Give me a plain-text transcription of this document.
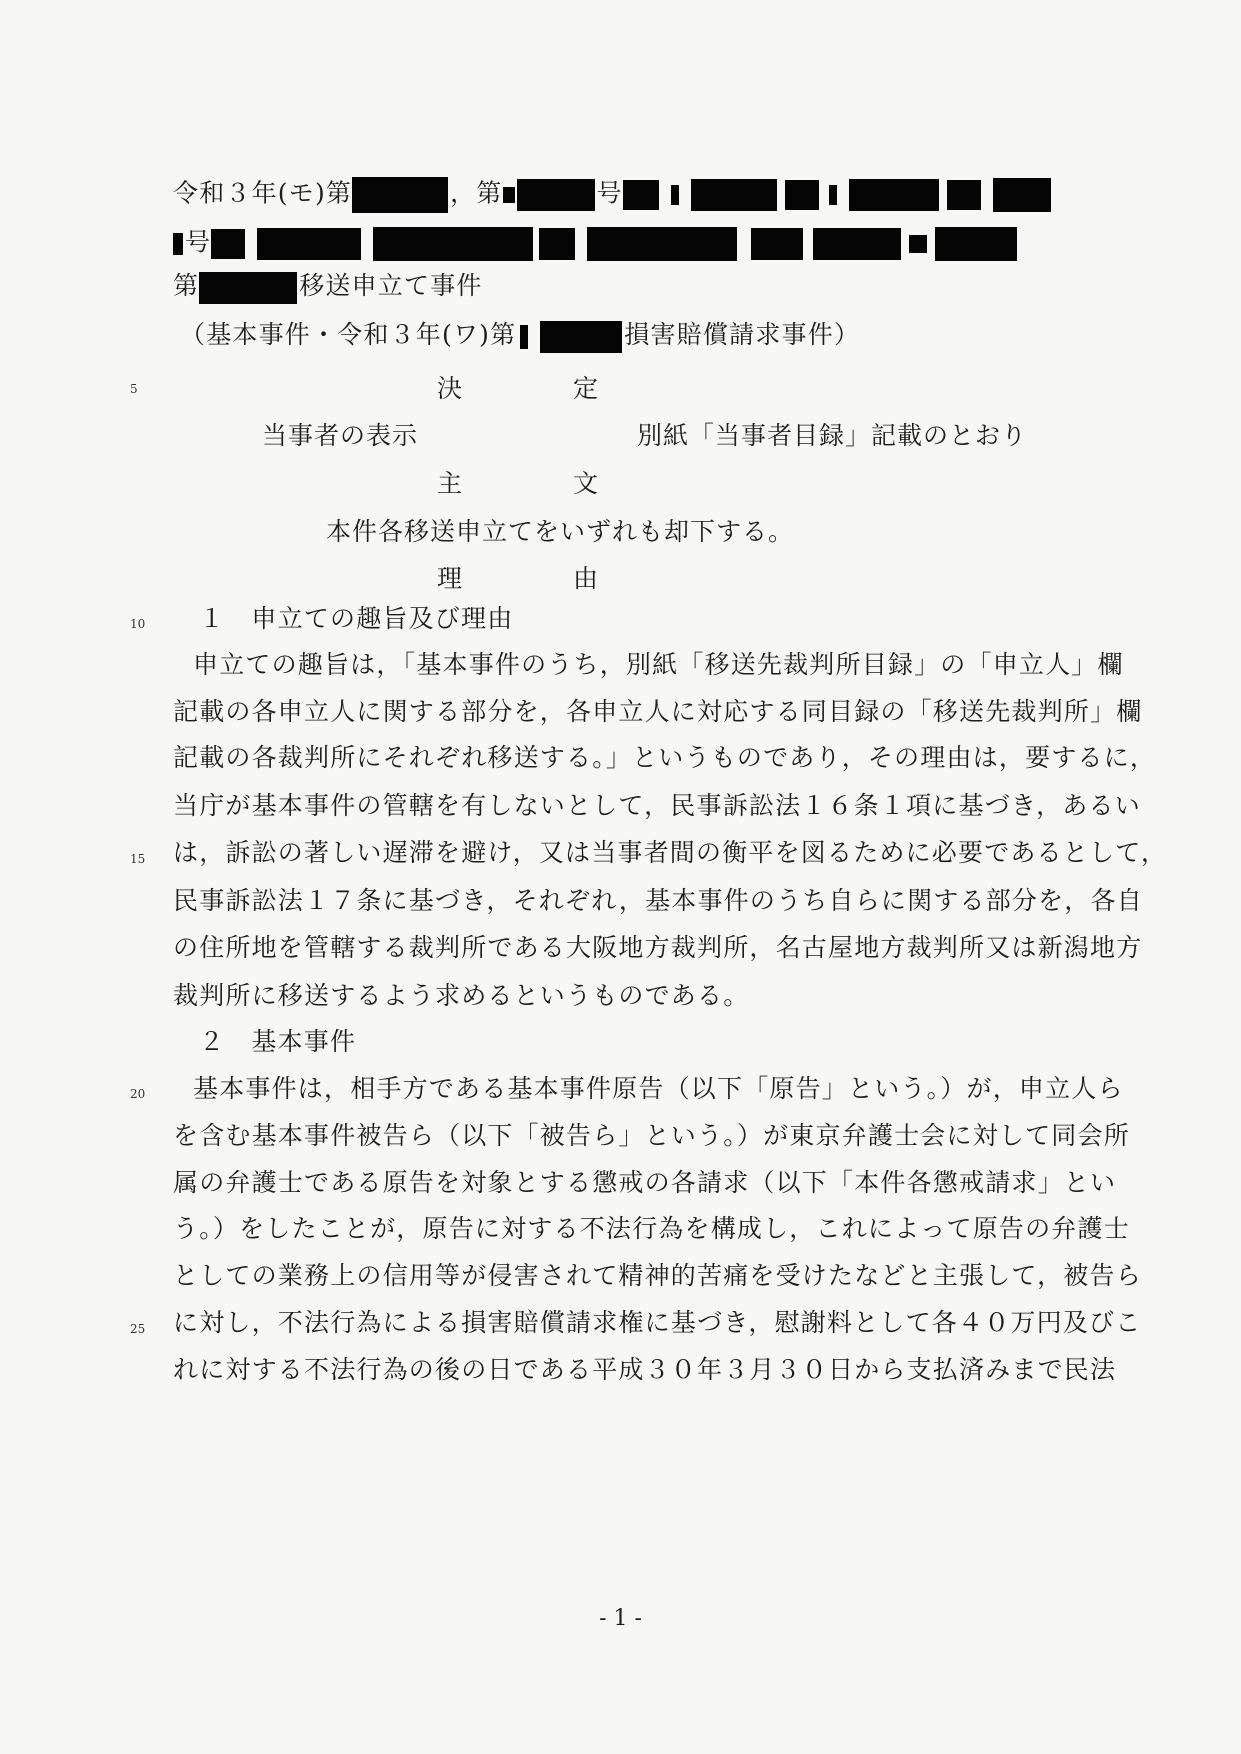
令和３年(モ)第	，第	号
号
第	移送申立て事件
（基本事件・令和３年(ワ)第	損害賠償請求事件）
決	定
当事者の表示	別紙「当事者目録」記載のとおり
主	文
本件各移送申立てをいずれも却下する。
理	由
１　申立ての趣旨及び理由
申立ての趣旨は，「基本事件のうち，別紙「移送先裁判所目録」の「申立人」欄
記載の各申立人に関する部分を，各申立人に対応する同目録の「移送先裁判所」欄
記載の各裁判所にそれぞれ移送する。」というものであり，その理由は，要するに，
当庁が基本事件の管轄を有しないとして，民事訴訟法１６条１項に基づき，あるい
は，訴訟の著しい遅滞を避け，又は当事者間の衡平を図るために必要であるとして，
民事訴訟法１７条に基づき，それぞれ，基本事件のうち自らに関する部分を，各自
の住所地を管轄する裁判所である大阪地方裁判所，名古屋地方裁判所又は新潟地方
裁判所に移送するよう求めるというものである。
２　基本事件
基本事件は，相手方である基本事件原告（以下「原告」という。）が，申立人ら
を含む基本事件被告ら（以下「被告ら」という。）が東京弁護士会に対して同会所
属の弁護士である原告を対象とする懲戒の各請求（以下「本件各懲戒請求」とい
う。）をしたことが，原告に対する不法行為を構成し，これによって原告の弁護士
としての業務上の信用等が侵害されて精神的苦痛を受けたなどと主張して，被告ら
に対し，不法行為による損害賠償請求権に基づき，慰謝料として各４０万円及びこ
れに対する不法行為の後の日である平成３０年３月３０日から支払済みまで民法
5
10
15
20
25
- 1 -
